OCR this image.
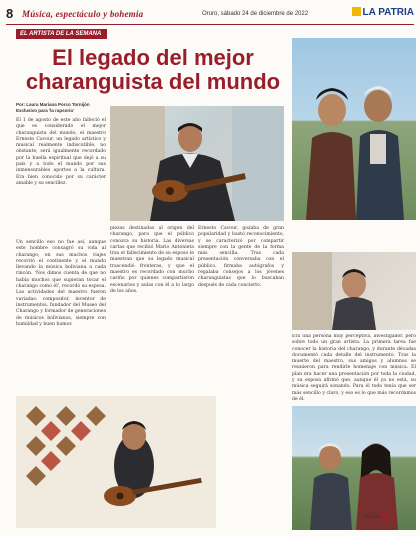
8 Música, espectáculo y bohemia	Oruro, sábado 24 de diciembre de 2022	LA PATRIA
EL ARTISTA DE LA SEMANA
El legado del mejor charanguista del mundo
Por: Laura Mariana Porco Tornijón
Exclusivo para 'la rapsoria'

El 1 de agosto de este año falleció el que es considerado el mejor charanguista del mundo, el maestro Ernesto Cavour, un legado artístico y musical realmente indiscutible, no obstante, será igualmente recordado por la huella espiritual que dejó a su país y a todo el mundo por sus inmensurables aportes a la cultura. Era bien conocido por su carácter amable y su sencillez.

Un sencillo eso no fue así, aunque este hombre consagró su vida al charango; en sus muchos viajes recorrió el continente y el mundo llevando la música boliviana a cada rincón. 'Nos dimos cuenta de que no había muchos que supieran tocar el charango como él', recordó su esposa. Las actividades del maestro fueron variadas: compositor, inventor de instrumentos, fundador del Museo del Charango y formador de generaciones de músicos bolivianos, siempre con humildad y buen humor.

piezas destinadas al origen del charango, para que el público conozca su historia. Las diversas cartas que recibió Mario Antonieta tras el fallecimiento de su esposo le muestran que su legado musical trascendió fronteras, y que el maestro es recordado con mucho cariño por quienes compartieron escenarios y aulas con él a lo largo de los años.

Ernesto Cavour, gozaba de gran popularidad y bastó reconocimiento, y se caracterizó por compartir siempre con la gente de la forma más sencilla. Tras cada presentación conversaba con el público, firmaba autógrafos y regalaba consejos a los jóvenes charanguistas que lo buscaban después de cada concierto.

Era una persona muy perceptiva, investigador, pero sobre todo un gran artista. La primera tarea fue conocer la historia del charango, y durante décadas documentó cada detalle del instrumento. Tras la muerte del maestro, sus amigos y alumnos se reunieron para rendirle homenaje con música. El plan era hacer una presentación por toda la ciudad, y su esposa afirmó que, aunque él ya no está, su música seguirá sonando. Para él todo tenía que ser más sencillo y claro, y eso es lo que más recordamos de él.

Bolivia
